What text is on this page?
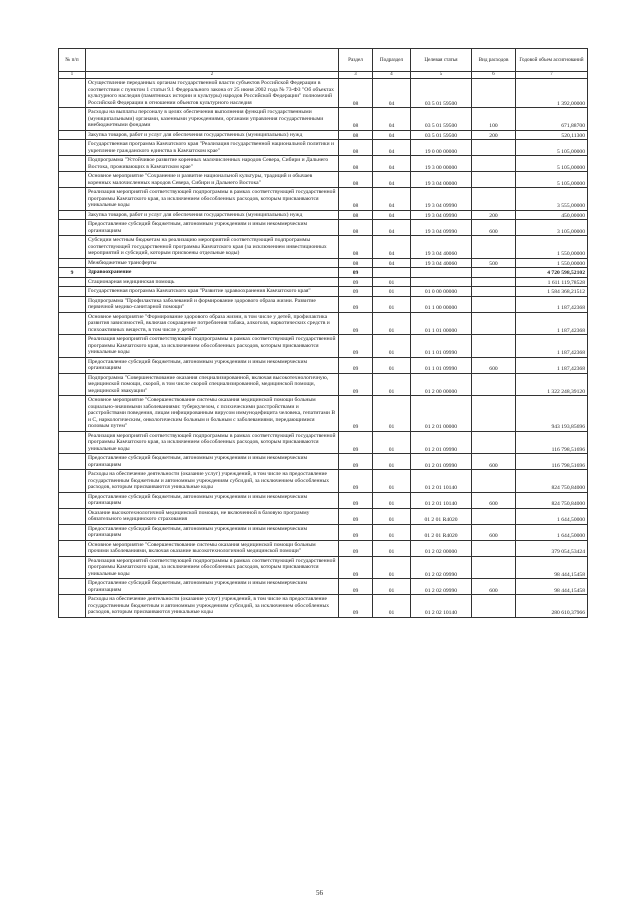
№ п/п		Раздел	Подраздел	Целевая статья	Вид расходов	Годовой объем ассигнований
1	2	3	4	5	6	7
	Осуществление переданных органам государственной власти субъектов Российской Федерации в соответствии с пунктом 1 статьи 9.1 Федерального закона от 25 июня 2002 года № 73-ФЗ "Об объектах культурного наследия (памятниках истории и культуры) народов Российской Федерации" полномочий Российской Федерации в отношении объектов культурного наследия	08	04	03 5 01 59500		1 392,00000
	Расходы на выплаты персоналу в целях обеспечения выполнения функций государственными (муниципальными) органами, казенными учреждениями, органами управления государственными внебюджетными фондами	08	04	03 5 01 59500	100	671,88700
	Закупка товаров, работ и услуг для обеспечения государственных (муниципальных) нужд	08	04	03 5 01 59500	200	520,11300
	Государственная программа Камчатского края "Реализация государственной национальной политики и укрепление гражданского единства в Камчатском крае"	08	04	19 0 00 00000		5 105,00000
	Подпрограмма "Устойчивое развитие коренных малочисленных народов Севера, Сибири и Дальнего Востока, проживающих в Камчатском крае"	08	04	19 3 00 00000		5 105,00000
	Основное мероприятие "Сохранение и развитие национальной культуры, традиций и обычаев коренных малочисленных народов Севера, Сибири и Дальнего Востока"	08	04	19 3 04 00000		5 105,00000
	Реализация мероприятий соответствующей подпрограммы в рамках соответствующей государственной программы Камчатского края, за исключением обособленных расходов, которым присваиваются уникальные коды	08	04	19 3 04 09990		3 555,00000
	Закупка товаров, работ и услуг для обеспечения государственных (муниципальных) нужд	08	04	19 3 04 09990	200	450,00000
	Предоставление субсидий бюджетным, автономным учреждениям и иным некоммерческим организациям	08	04	19 3 04 09990	600	3 105,00000
	Субсидии местным бюджетам на реализацию мероприятий соответствующей подпрограммы соответствующей государственной программы Камчатского края (за исключением инвестиционных мероприятий и субсидий, которым присвоены отдельные коды)	08	04	19 3 04 40060		1 550,00000
	Межбюджетные трансферты	08	04	19 3 04 40060	500	1 550,00000
9	Здравоохранение	09				4 720 598,52102
	Стационарная медицинская помощь	09	01			1 611 119,78528
	Государственная программа Камчатского края "Развитие здравоохранения Камчатского края"	09	01	01 0 00 00000		1 584 368,21512
	Подпрограмма "Профилактика заболеваний и формирование здорового образа жизни. Развитие первичной медико-санитарной помощи"	09	01	01 1 00 00000		1 187,42368
	Основное мероприятие "Формирование здорового образа жизни, в том числе у детей, профилактика развития зависимостей, включая сокращение потребления табака, алкоголя, наркотических средств и психоактивных веществ, в том числе у детей"	09	01	01 1 01 00000		1 187,42368
	Реализация мероприятий соответствующей подпрограммы в рамках соответствующей государственной программы Камчатского края, за исключением обособленных расходов, которым присваиваются уникальные коды	09	01	01 1 01 09990		1 187,42368
	Предоставление субсидий бюджетным, автономным учреждениям и иным некоммерческим организациям	09	01	01 1 01 09990	600	1 187,42368
	Подпрограмма "Совершенствование оказания специализированной, включая высокотехнологичную, медицинской помощи, скорой, в том числе скорой специализированной, медицинской помощи, медицинской эвакуации"	09	01	01 2 00 00000		1 322 248,39120
	Основное мероприятие "Совершенствование системы оказания медицинской помощи больным социально-значимыми заболеваниями: туберкулезом, с психическими расстройствами и расстройствами поведения, лицам инфицированным вирусом иммунодефицита человека, гепатитами B и C, наркологическим, онкологическим больным и больным с заболеваниями, передающимися половым путем"	09	01	01 2 01 00000		943 193,85696
	Реализация мероприятий соответствующей подпрограммы в рамках соответствующей государственной программы Камчатского края, за исключением обособленных расходов, которым присваиваются уникальные коды	09	01	01 2 01 09990		116 798,51696
	Предоставление субсидий бюджетным, автономным учреждениям и иным некоммерческим организациям	09	01	01 2 01 09990	600	116 798,51696
	Расходы на обеспечение деятельности (оказание услуг) учреждений, в том числе на предоставление государственным бюджетным и автономным учреждениям субсидий, за исключением обособленных расходов, которым присваиваются уникальные коды	09	01	01 2 01 10140		824 750,84000
	Предоставление субсидий бюджетным, автономным учреждениям и иным некоммерческим организациям	09	01	01 2 01 10140	600	824 750,84000
	Оказание высокотехнологичной медицинской помощи, не включенной в базовую программу обязательного медицинского страхования	09	01	01 2 01 R4020		1 644,50000
	Предоставление субсидий бюджетным, автономным учреждениям и иным некоммерческим организациям	09	01	01 2 01 R4020	600	1 644,50000
	Основное мероприятие "Совершенствование системы оказания медицинской помощи больным прочими заболеваниями, включая оказание высокотехнологичной медицинской помощи"	09	01	01 2 02 00000		379 054,53424
	Реализация мероприятий соответствующей подпрограммы в рамках соответствующей государственной программы Камчатского края, за исключением обособленных расходов, которым присваиваются уникальные коды	09	01	01 2 02 09990		98 444,15458
	Предоставление субсидий бюджетным, автономным учреждениям и иным некоммерческим организациям	09	01	01 2 02 09990	600	98 444,15458
	Расходы на обеспечение деятельности (оказание услуг) учреждений, в том числе на предоставление государственным бюджетным и автономным учреждениям субсидий, за исключением обособленных расходов, которым присваиваются уникальные коды	09	01	01 2 02 10140		280 610,37966
56
